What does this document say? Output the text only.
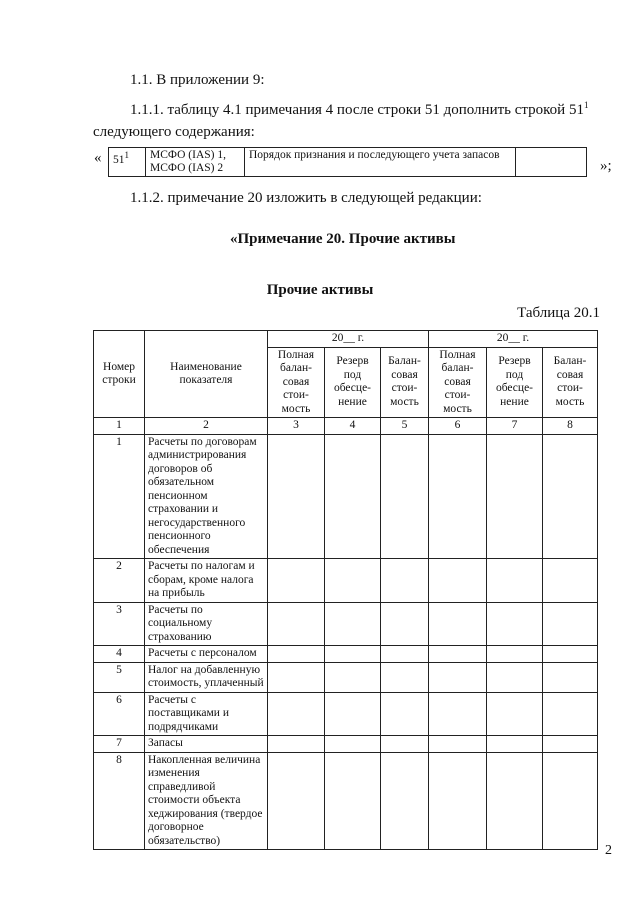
1.1. В приложении 9:
1.1.1. таблицу 4.1 примечания 4 после строки 51 дополнить строкой $51^1$
следующего содержания:
« $51^1$	МСФО (IAS) 1,
МСФО (IAS) 2
	Порядок признания и последующего учета запасов	
»;
1.1.2. примечание 20 изложить в следующей редакции:
«Примечание 20. Прочие активы
Прочие активы
Таблица 20.1
Номер строки	Наименование показателя	20__ г.			20__ г.		
		Полная балан-совая стои-мость	Резерв под обесце-нение	Балан-совая стои-мость	Полная балан-совая стои-мость	Резерв под обесце-нение	Балан-совая стои-мость
1	2	3	4	5	6	7	8
1	Расчеты по договорам администрирования договоров об обязательном пенсионном страховании и негосударственного пенсионного обеспечения						
2	Расчеты по налогам и сборам, кроме налога на прибыль						
3	Расчеты по социальному страхованию						
4	Расчеты с персоналом						
5	Налог на добавленную стоимость, уплаченный						
6	Расчеты с поставщиками и подрядчиками						
7	Запасы						
8	Накопленная величина изменения справедливой стоимости объекта хеджирования (твердое договорное обязательство)						
2
